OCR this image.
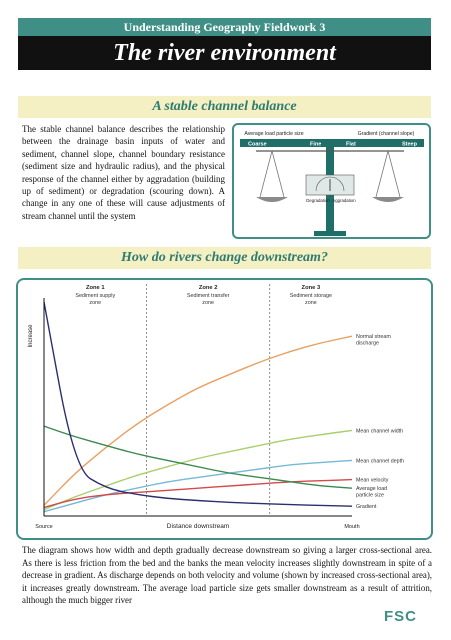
Understanding Geography Fieldwork 3
The river environment
A stable channel balance

The stable channel balance describes the relationship between the drainage basin inputs of water and sediment, channel slope, channel boundary resistance (sediment size and hydraulic radius), and the physical response of the channel either by aggradation (building up of sediment) or degradation (scouring down). A change in any one of these will cause adjustments of stream channel until the system

Average load particle size	Gradient (channel slope)
Coarse	Fine	Flat	Steep
Degradation Aggradation
How do rivers change downstream?
Zone 1
Sediment supply
zone
Zone 2
Sediment transfer
zone
Zone 3
Sediment storage
zone
Normal stream
discharge
Mean channel width
Mean channel depth
Mean velocity
Average load
particle size
Gradient
Increase
Distance downstream
Source	Mouth

The diagram shows how width and depth gradually decrease downstream so giving a larger cross-sectional area. As there is less friction from the bed and the banks the mean velocity increases slightly downstream in spite of a decrease in gradient. As discharge depends on both velocity and volume (shown by increased cross-sectional area), it increases greatly downstream. The average load particle size gets smaller downstream as a result of attrition, although the much bigger river

FSC
